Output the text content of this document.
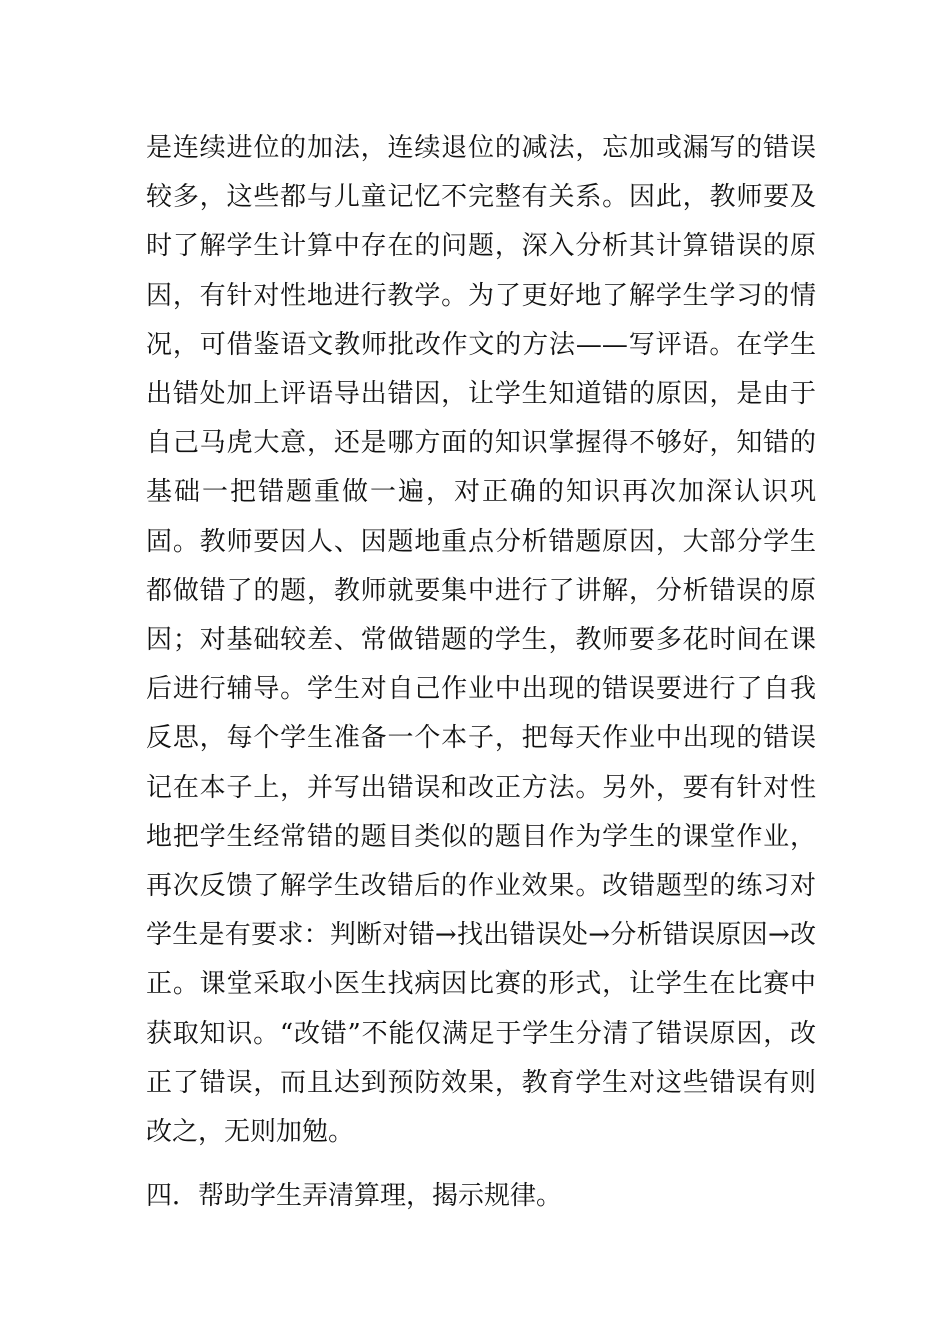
是连续进位的加法，连续退位的减法，忘加或漏写的错误较多，这些都与儿童记忆不完整有关系。因此，教师要及时了解学生计算中存在的问题，深入分析其计算错误的原因，有针对性地进行教学。为了更好地了解学生学习的情况，可借鉴语文教师批改作文的方法——写评语。在学生出错处加上评语导出错因，让学生知道错的原因，是由于自己马虎大意，还是哪方面的知识掌握得不够好，知错的基础一把错题重做一遍，对正确的知识再次加深认识巩固。教师要因人、因题地重点分析错题原因，大部分学生都做错了的题，教师就要集中进行了讲解，分析错误的原因；对基础较差、常做错题的学生，教师要多花时间在课后进行辅导。学生对自己作业中出现的错误要进行了自我反思，每个学生准备一个本子，把每天作业中出现的错误记在本子上，并写出错误和改正方法。另外，要有针对性地把学生经常错的题目类似的题目作为学生的课堂作业，再次反馈了解学生改错后的作业效果。改错题型的练习对学生是有要求：判断对错→找出错误处→分析错误原因→改正。课堂采取小医生找病因比赛的形式，让学生在比赛中获取知识。“改错”不能仅满足于学生分清了错误原因，改正了错误，而且达到预防效果，教育学生对这些错误有则改之，无则加勉。

四．帮助学生弄清算理，揭示规律。
